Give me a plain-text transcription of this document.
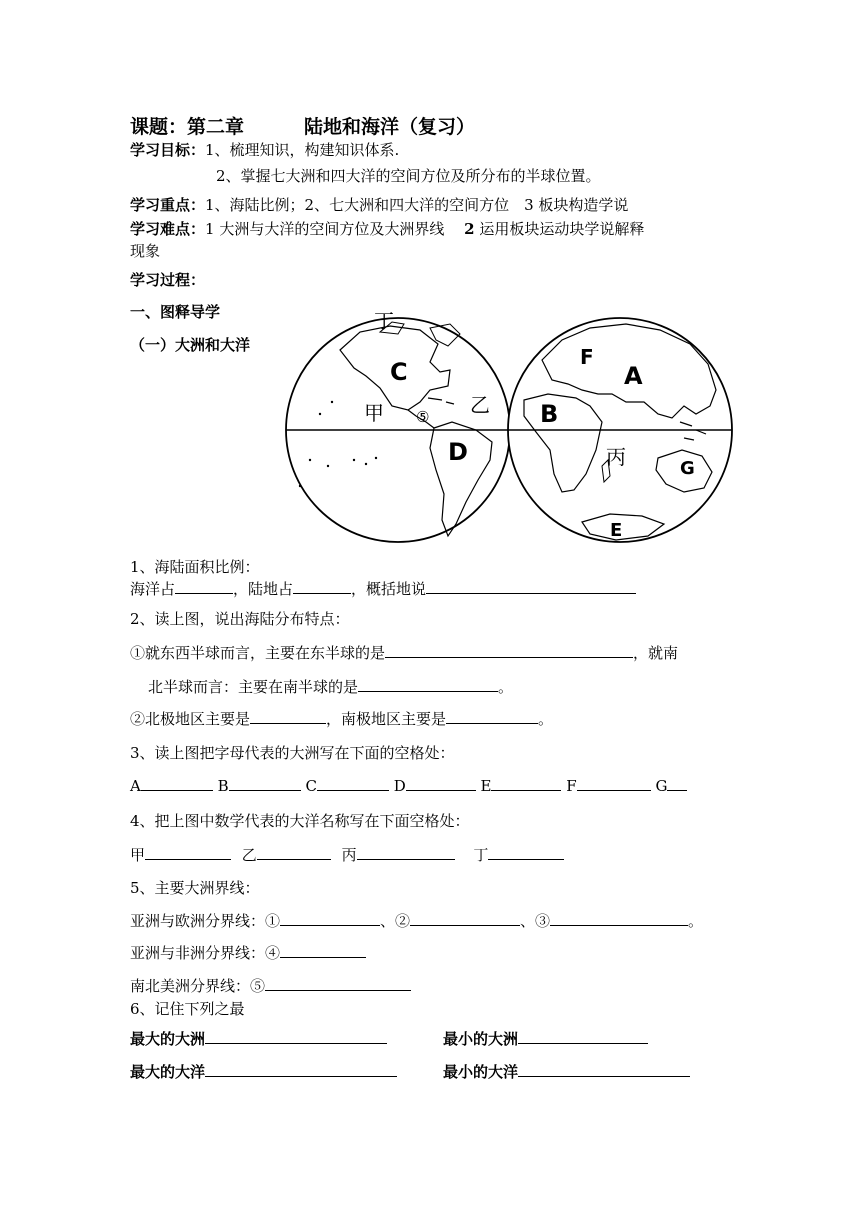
课题：第二章	陆地和海洋（复习）
学习目标：1、梳理知识，构建知识体系.
2、掌握七大洲和四大洋的空间方位及所分布的半球位置。
学习重点：1、海陆比例；2、七大洲和四大洋的空间方位　3 板块构造学说
学习难点：1 大洲与大洋的空间方位及大洲界线　 2 运用板块运动块学说解释
现象
学习过程：
一、图释导学
（一）大洲和大洋
丁
C
甲 ⑤ 乙
D
F
A
B
丙	G
E
1、海陆面积比例：
海洋占	，陆地占	，概括地说
2、读上图，说出海陆分布特点：
①就东西半球而言，主要在东半球的是	，就南
北半球而言：主要在南半球的是	。
②北极地区主要是	，南极地区主要是	。
3、读上图把字母代表的大洲写在下面的空格处：
A	B	C	D	E	F	G
4、把上图中数学代表的大洋名称写在下面空格处：
甲	乙	丙	丁
5、主要大洲界线：
亚洲与欧洲分界线：①	、②	、③	。
亚洲与非洲分界线：④
南北美洲分界线：⑤
6、记住下列之最
最大的大洲	最小的大洲
最大的大洋	最小的大洋
